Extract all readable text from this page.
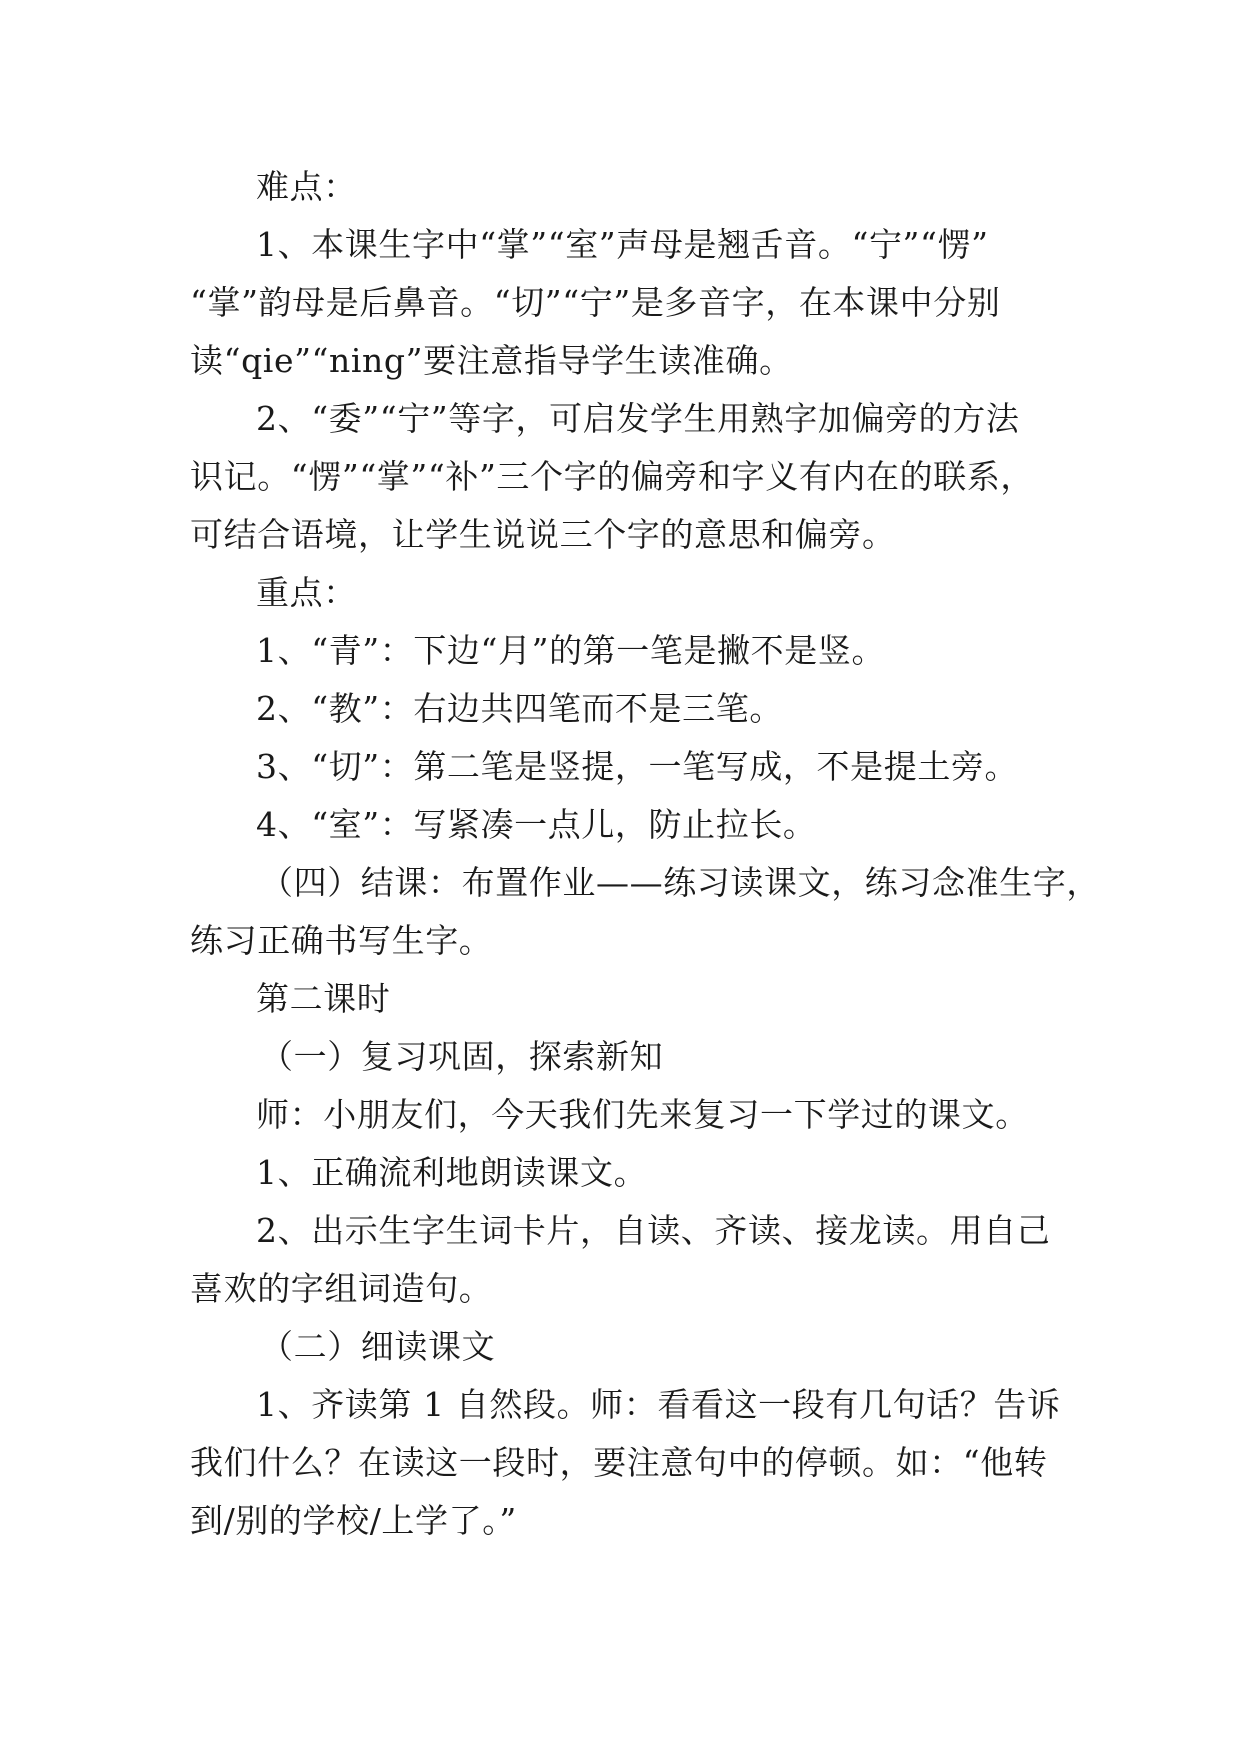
难点：

1、本课生字中“掌”“室”声母是翘舌音。“宁”“愣”

“掌”韵母是后鼻音。“切”“宁”是多音字，在本课中分别

读“qie”“ning”要注意指导学生读准确。

2、“委”“宁”等字，可启发学生用熟字加偏旁的方法

识记。“愣”“掌”“补”三个字的偏旁和字义有内在的联系，

可结合语境，让学生说说三个字的意思和偏旁。

重点：

1、“青”：下边“月”的第一笔是撇不是竖。

2、“教”：右边共四笔而不是三笔。

3、“切”：第二笔是竖提，一笔写成，不是提土旁。

4、“室”：写紧凑一点儿，防止拉长。

（四）结课：布置作业——练习读课文，练习念准生字，

练习正确书写生字。

第二课时

（一）复习巩固，探索新知

师：小朋友们，今天我们先来复习一下学过的课文。

1、正确流利地朗读课文。

2、出示生字生词卡片，自读、齐读、接龙读。用自己

喜欢的字组词造句。

（二）细读课文

1、齐读第 1 自然段。师：看看这一段有几句话？告诉

我们什么？在读这一段时，要注意句中的停顿。如：“他转

到/别的学校/上学了。”
